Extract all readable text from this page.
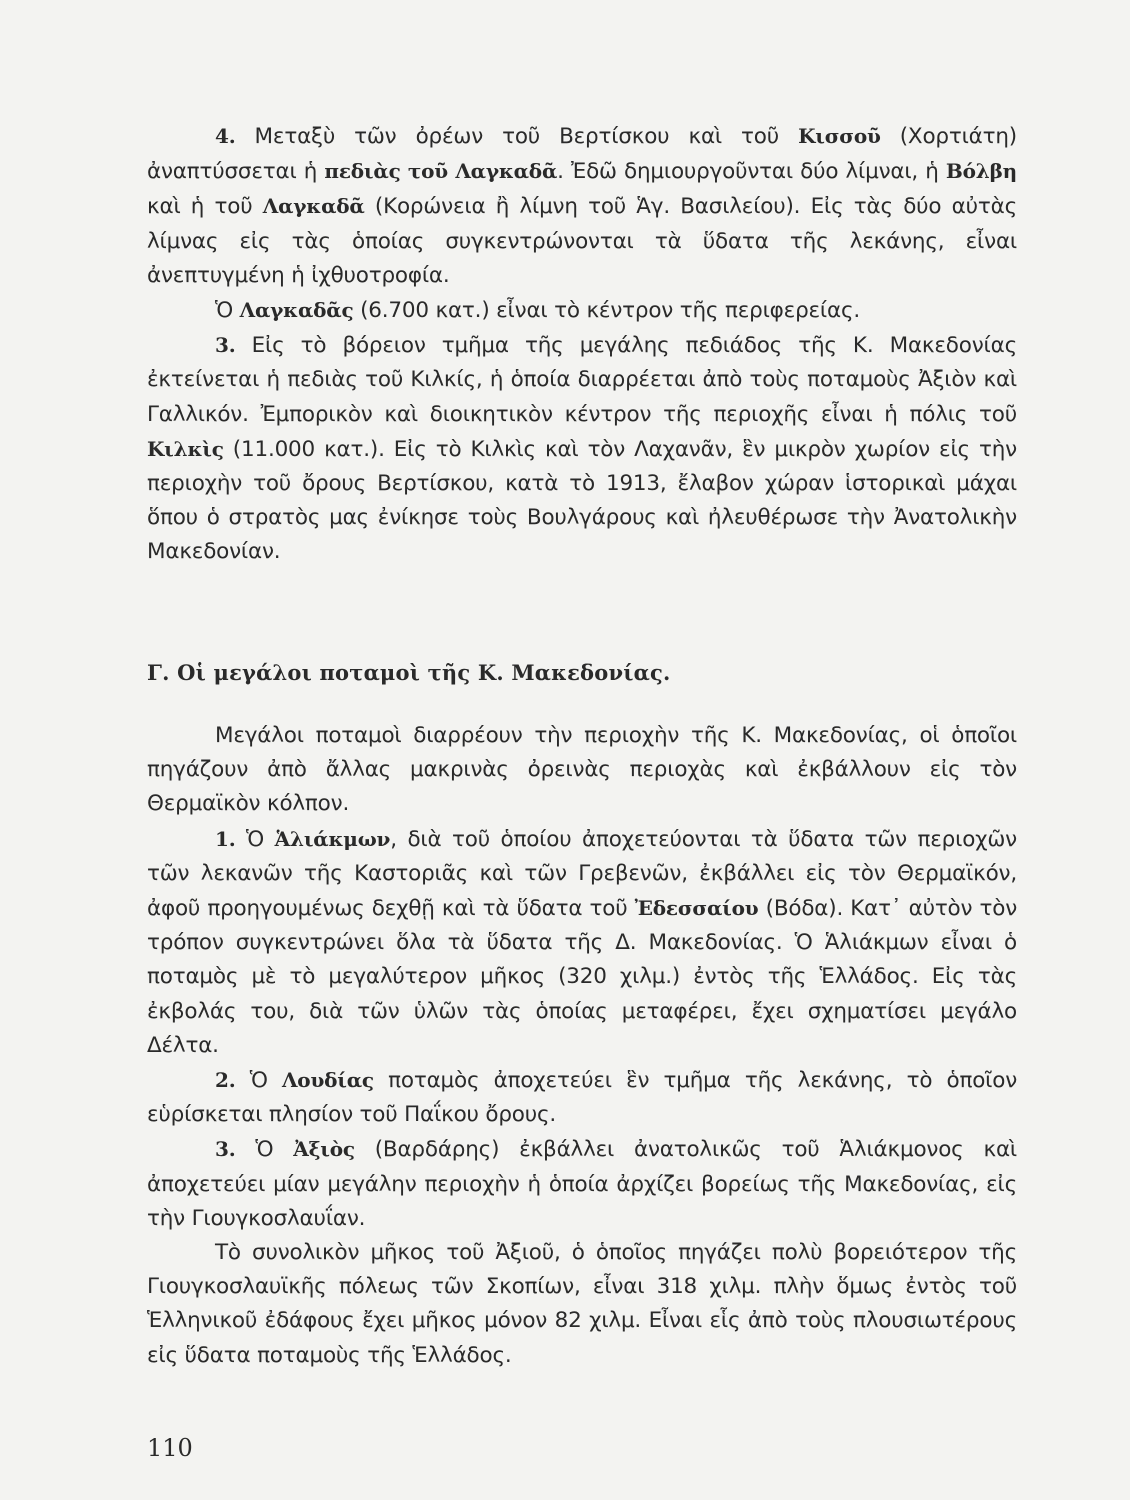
4. Μεταξὺ τῶν ὀρέων τοῦ Βερτίσκου καὶ τοῦ Κισσοῦ (Χορτιάτη) ἀναπτύσσεται ἡ πεδιὰς τοῦ Λαγκαδᾶ. Ἐδῶ δημιουργοῦνται δύο λίμναι, ἡ Βόλβη καὶ ἡ τοῦ Λαγκαδᾶ (Κορώνεια ἢ λίμνη τοῦ Ἁγ. Βασιλείου). Εἰς τὰς δύο αὐτὰς λίμνας εἰς τὰς ὁποίας συγκεντρώνονται τὰ ὕδατα τῆς λεκάνης, εἶναι ἀνεπτυγμένη ἡ ἰχθυοτροφία.

Ὁ Λαγκαδᾶς (6.700 κατ.) εἶναι τὸ κέντρον τῆς περιφερείας.

3. Εἰς τὸ βόρειον τμῆμα τῆς μεγάλης πεδιάδος τῆς Κ. Μακεδονίας ἐκτείνεται ἡ πεδιὰς τοῦ Κιλκίς, ἡ ὁποία διαρρέεται ἀπὸ τοὺς ποταμοὺς Ἀξιὸν καὶ Γαλλικόν. Ἐμπορικὸν καὶ διοικητικὸν κέντρον τῆς περιοχῆς εἶναι ἡ πόλις τοῦ Κιλκὶς (11.000 κατ.). Εἰς τὸ Κιλκὶς καὶ τὸν Λαχανᾶν, ἓν μικρὸν χωρίον εἰς τὴν περιοχὴν τοῦ ὄρους Βερτίσκου, κατὰ τὸ 1913, ἔλαβον χώραν ἱστορικαὶ μάχαι ὅπου ὁ στρατὸς μας ἐνίκησε τοὺς Βουλγάρους καὶ ἠλευθέρωσε τὴν Ἀνατολικὴν Μακεδονίαν.

Γ. Οἱ μεγάλοι ποταμοὶ τῆς Κ. Μακεδονίας.

Μεγάλοι ποταμοὶ διαρρέουν τὴν περιοχὴν τῆς Κ. Μακεδονίας, οἱ ὁποῖοι πηγάζουν ἀπὸ ἄλλας μακρινὰς ὀρεινὰς περιοχὰς καὶ ἐκβάλλουν εἰς τὸν Θερμαϊκὸν κόλπον.

1. Ὁ Ἁλιάκμων, διὰ τοῦ ὁποίου ἀποχετεύονται τὰ ὕδατα τῶν περιοχῶν τῶν λεκανῶν τῆς Καστοριᾶς καὶ τῶν Γρεβενῶν, ἐκβάλλει εἰς τὸν Θερμαϊκόν, ἀφοῦ προηγουμένως δεχθῇ καὶ τὰ ὕδατα τοῦ Ἐδεσσαίου (Βόδα). Κατ᾿ αὐτὸν τὸν τρόπον συγκεντρώνει ὅλα τὰ ὕδατα τῆς Δ. Μακεδονίας. Ὁ Ἁλιάκμων εἶναι ὁ ποταμὸς μὲ τὸ μεγαλύτερον μῆκος (320 χιλμ.) ἐντὸς τῆς Ἑλλάδος. Εἰς τὰς ἐκβολάς του, διὰ τῶν ὑλῶν τὰς ὁποίας μεταφέρει, ἔχει σχηματίσει μεγάλο Δέλτα.

2. Ὁ Λουδίας ποταμὸς ἀποχετεύει ἓν τμῆμα τῆς λεκάνης, τὸ ὁποῖον εὑρίσκεται πλησίον τοῦ Παΐκου ὄρους.

3. Ὁ Ἀξιὸς (Βαρδάρης) ἐκβάλλει ἀνατολικῶς τοῦ Ἁλιάκμονος καὶ ἀποχετεύει μίαν μεγάλην περιοχὴν ἡ ὁποία ἀρχίζει βορείως τῆς Μακεδονίας, εἰς τὴν Γιουγκοσλαυΐαν.

Τὸ συνολικὸν μῆκος τοῦ Ἀξιοῦ, ὁ ὁποῖος πηγάζει πολὺ βορειότερον τῆς Γιουγκοσλαυϊκῆς πόλεως τῶν Σκοπίων, εἶναι 318 χιλμ. πλὴν ὅμως ἐντὸς τοῦ Ἑλληνικοῦ ἐδάφους ἔχει μῆκος μόνον 82 χιλμ. Εἶναι εἷς ἀπὸ τοὺς πλουσιωτέρους εἰς ὕδατα ποταμοὺς τῆς Ἑλλάδος.

110
